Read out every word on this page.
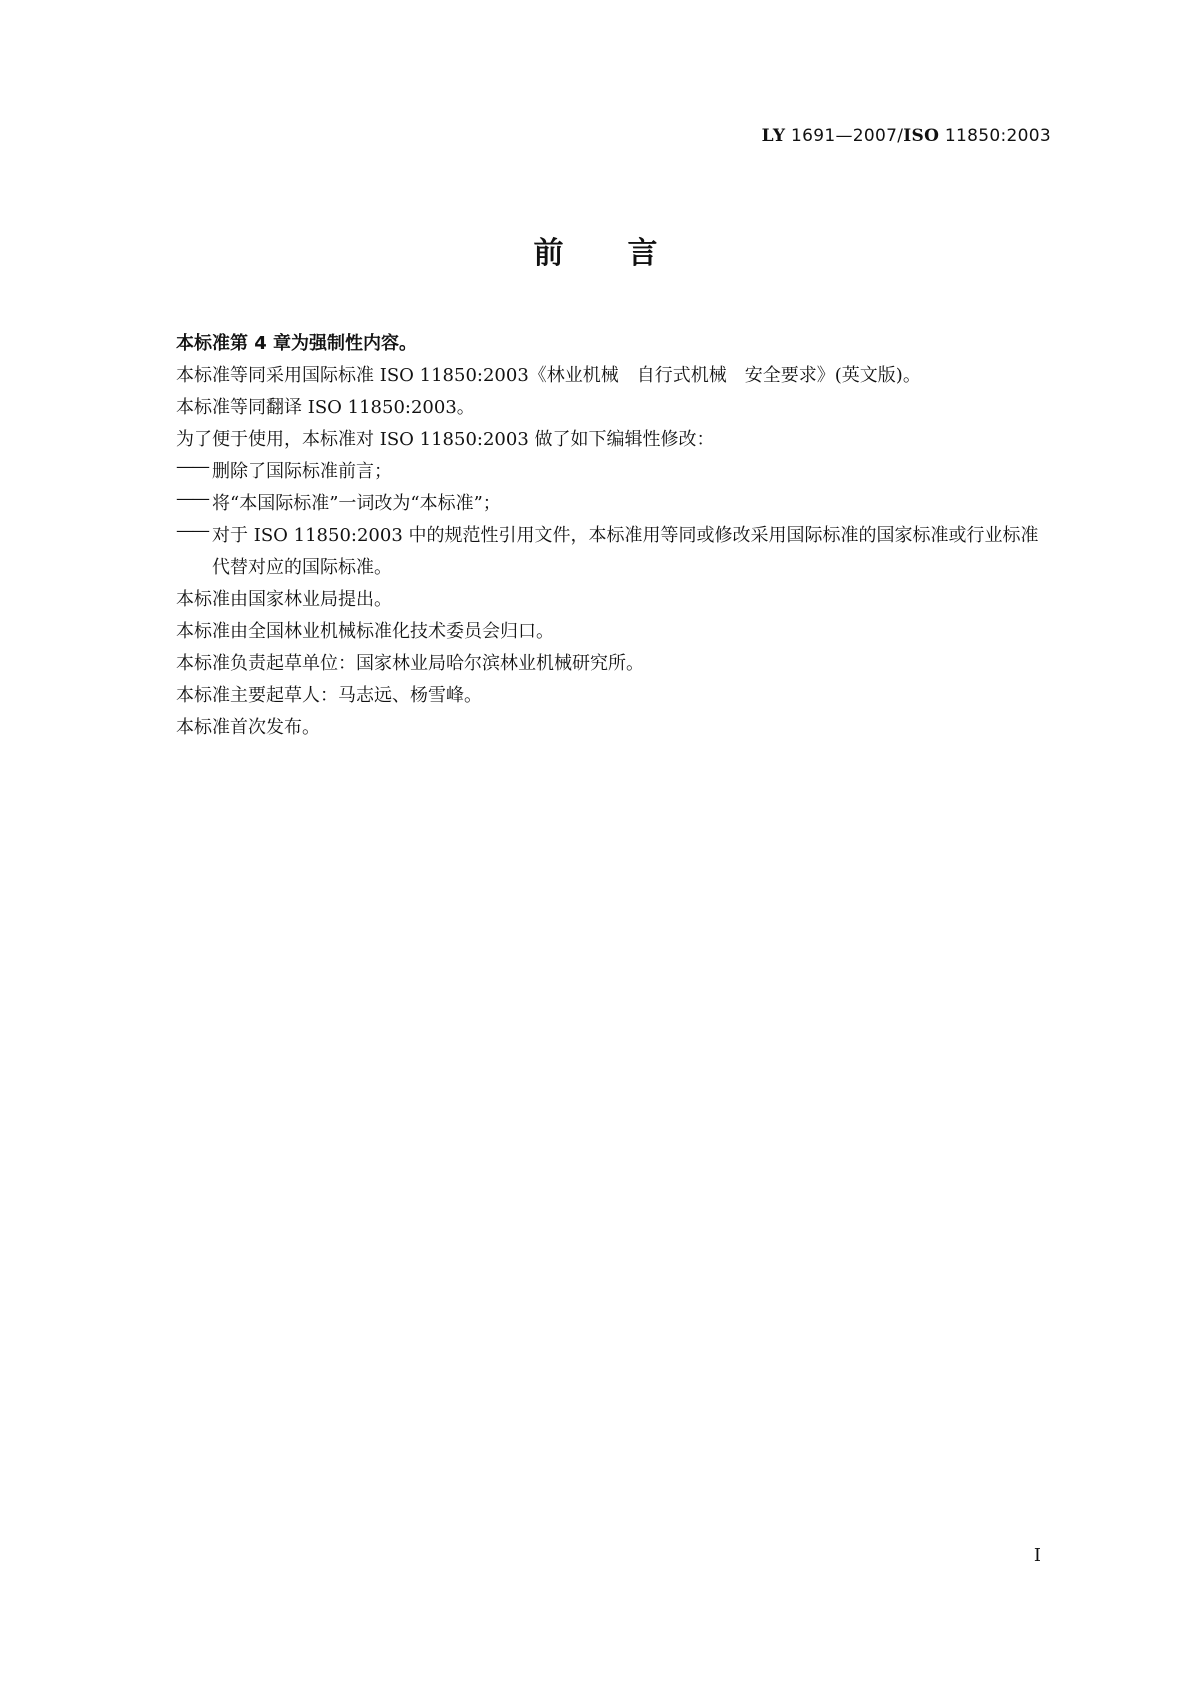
LY 1691—2007/ISO 11850:2003
前言
本标准第 4 章为强制性内容。
本标准等同采用国际标准 ISO 11850:2003《林业机械　自行式机械　安全要求》(英文版)。
本标准等同翻译 ISO 11850:2003。
为了便于使用，本标准对 ISO 11850:2003 做了如下编辑性修改：
—— 删除了国际标准前言；
—— 将“本国际标准”一词改为“本标准”；
—— 对于 ISO 11850:2003 中的规范性引用文件，本标准用等同或修改采用国际标准的国家标准或行业标准代替对应的国际标准。
本标准由国家林业局提出。
本标准由全国林业机械标准化技术委员会归口。
本标准负责起草单位：国家林业局哈尔滨林业机械研究所。
本标准主要起草人：马志远、杨雪峰。
本标准首次发布。
I
